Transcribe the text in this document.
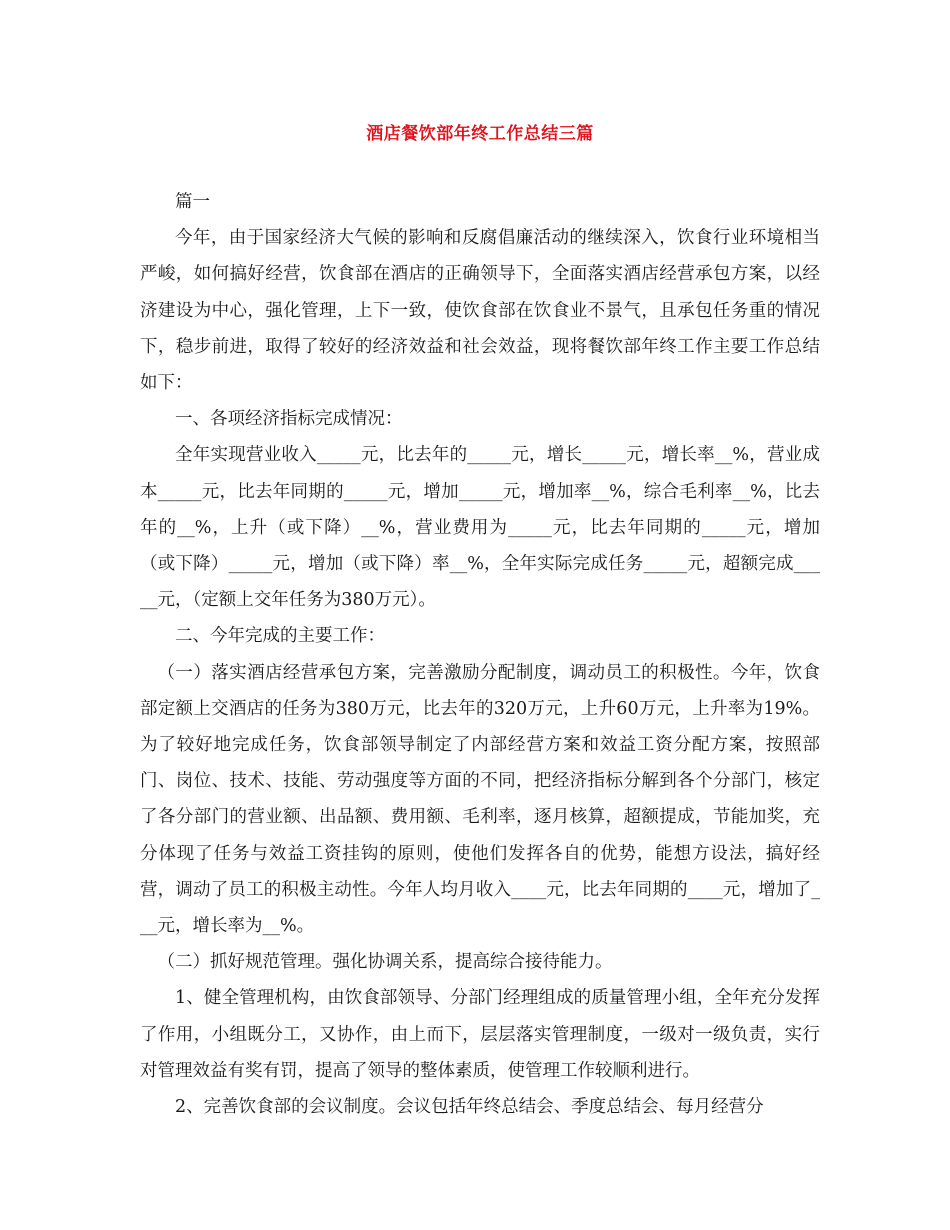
酒店餐饮部年终工作总结三篇

篇一

今年，由于国家经济大气候的影响和反腐倡廉活动的继续深入，饮食行业环境相当严峻，如何搞好经营，饮食部在酒店的正确领导下，全面落实酒店经营承包方案，以经济建设为中心，强化管理，上下一致，使饮食部在饮食业不景气，且承包任务重的情况下，稳步前进，取得了较好的经济效益和社会效益，现将餐饮部年终工作主要工作总结如下：

一、各项经济指标完成情况：

全年实现营业收入_____元，比去年的_____元，增长_____元，增长率__%，营业成本_____元，比去年同期的_____元，增加_____元，增加率__%，综合毛利率__%，比去年的__%，上升（或下降）__%，营业费用为_____元，比去年同期的_____元，增加（或下降）_____元，增加（或下降）率__%，全年实际完成任务_____元，超额完成_____元，（定额上交年任务为380万元）。

二、今年完成的主要工作：

（一）落实酒店经营承包方案，完善激励分配制度，调动员工的积极性。今年，饮食部定额上交酒店的任务为380万元，比去年的320万元，上升60万元，上升率为19%。为了较好地完成任务，饮食部领导制定了内部经营方案和效益工资分配方案，按照部门、岗位、技术、技能、劳动强度等方面的不同，把经济指标分解到各个分部门，核定了各分部门的营业额、出品额、费用额、毛利率，逐月核算，超额提成，节能加奖，充分体现了任务与效益工资挂钩的原则，使他们发挥各自的优势，能想方设法，搞好经营，调动了员工的积极主动性。今年人均月收入____元，比去年同期的____元，增加了___元，增长率为__%。

（二）抓好规范管理。强化协调关系，提高综合接待能力。

1、健全管理机构，由饮食部领导、分部门经理组成的质量管理小组，全年充分发挥了作用，小组既分工，又协作，由上而下，层层落实管理制度，一级对一级负责，实行对管理效益有奖有罚，提高了领导的整体素质，使管理工作较顺利进行。

2、完善饮食部的会议制度。会议包括年终总结会、季度总结会、每月经营分
